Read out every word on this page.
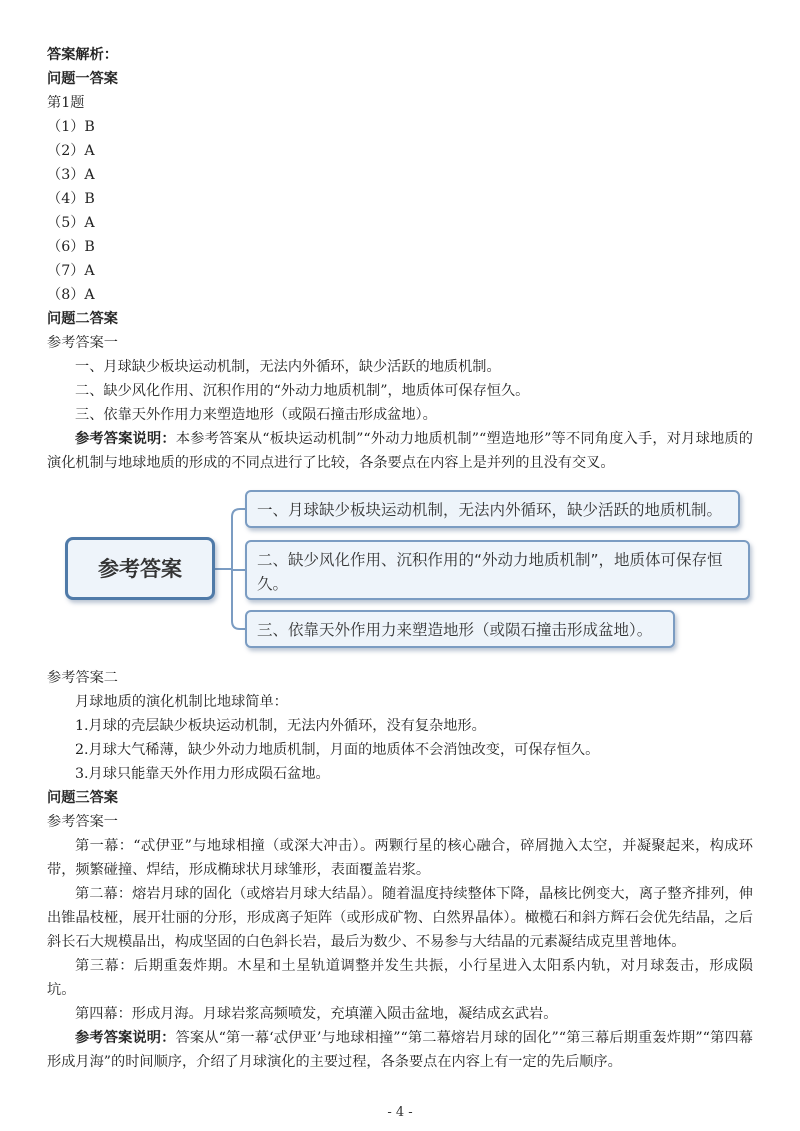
答案解析：
问题一答案
第1题
（1）B
（2）A
（3）A
（4）B
（5）A
（6）B
（7）A
（8）A
问题二答案
参考答案一
一、月球缺少板块运动机制，无法内外循环，缺少活跃的地质机制。
二、缺少风化作用、沉积作用的“外动力地质机制”，地质体可保存恒久。
三、依靠天外作用力来塑造地形（或陨石撞击形成盆地）。
参考答案说明：本参考答案从“板块运动机制”“外动力地质机制”“塑造地形”等不同角度入手，对月球地质的演化机制与地球地质的形成的不同点进行了比较，各条要点在内容上是并列的且没有交叉。
参考答案
一、月球缺少板块运动机制，无法内外循环，缺少活跃的地质机制。
二、缺少风化作用、沉积作用的“外动力地质机制”，地质体可保存恒久。
三、依靠天外作用力来塑造地形（或陨石撞击形成盆地）。
参考答案二
月球地质的演化机制比地球简单：
1.月球的壳层缺少板块运动机制，无法内外循环，没有复杂地形。
2.月球大气稀薄，缺少外动力地质机制，月面的地质体不会消蚀改变，可保存恒久。
3.月球只能靠天外作用力形成陨石盆地。
问题三答案
参考答案一
第一幕：“忒伊亚”与地球相撞（或深大冲击）。两颗行星的核心融合，碎屑抛入太空，并凝聚起来，构成环带，频繁碰撞、焊结，形成椭球状月球雏形，表面覆盖岩浆。
第二幕：熔岩月球的固化（或熔岩月球大结晶）。随着温度持续整体下降，晶核比例变大，离子整齐排列，伸出锥晶枝桠，展开壮丽的分形，形成离子矩阵（或形成矿物、白然界晶体）。橄榄石和斜方辉石会优先结晶，之后斜长石大规模晶出，构成坚固的白色斜长岩，最后为数少、不易参与大结晶的元素凝结成克里普地体。
第三幕：后期重轰炸期。木星和土星轨道调整并发生共振，小行星进入太阳系内轨，对月球轰击，形成陨坑。
第四幕：形成月海。月球岩浆高频喷发，充填灌入陨击盆地，凝结成玄武岩。
参考答案说明：答案从“第一幕‘忒伊亚’与地球相撞”“第二幕熔岩月球的固化”“第三幕后期重轰炸期”“第四幕形成月海”的时间顺序，介绍了月球演化的主要过程，各条要点在内容上有一定的先后顺序。
- 4 -
